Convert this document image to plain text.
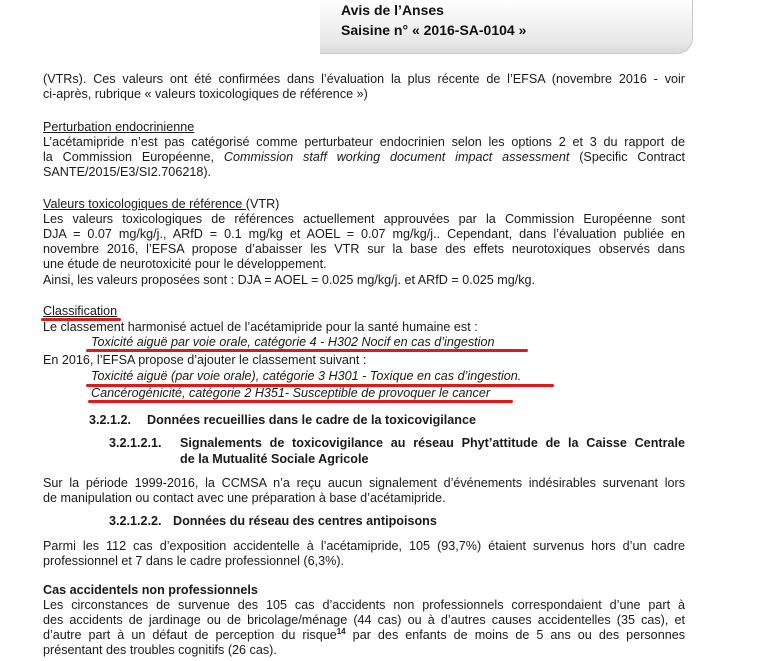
Avis de l’Anses
Saisine n° « 2016-SA-0104 »
(VTRs). Ces valeurs ont été confirmées dans l’évaluation la plus récente de l’EFSA (novembre 2016 - voir
ci-après, rubrique « valeurs toxicologiques de référence »)
Perturbation endocrinienne
L’acétamipride n’est pas catégorisé comme perturbateur endocrinien selon les options 2 et 3 du rapport de
la Commission Européenne, Commission staff working document impact assessment (Specific Contract
SANTE/2015/E3/SI2.706218).
Valeurs toxicologiques de référence (VTR)
Les valeurs toxicologiques de références actuellement approuvées par la Commission Européenne sont
DJA = 0.07 mg/kg/j., ARfD = 0.1 mg/kg et AOEL = 0.07 mg/kg/j.. Cependant, dans l’évaluation publiée en
novembre 2016, l’EFSA propose d’abaisser les VTR sur la base des effets neurotoxiques observés dans
une étude de neurotoxicité pour le développement.
Ainsi, les valeurs proposées sont : DJA = AOEL = 0.025 mg/kg/j. et ARfD = 0.025 mg/kg.
Classification
Le classement harmonisé actuel de l’acétamipride pour la santé humaine est :
Toxicité aiguë par voie orale, catégorie 4 - H302 Nocif en cas d’ingestion
En 2016, l’EFSA propose d’ajouter le classement suivant :
Toxicité aiguë (par voie orale), catégorie 3 H301 - Toxique en cas d’ingestion.
Cancérogénicité, catégorie 2 H351- Susceptible de provoquer le cancer
3.2.1.2. Données recueillies dans le cadre de la toxicovigilance
3.2.1.2.1. Signalements de toxicovigilance au réseau Phyt’attitude de la Caisse Centrale
de la Mutualité Sociale Agricole
Sur la période 1999-2016, la CCMSA n’a reçu aucun signalement d’événements indésirables survenant lors
de manipulation ou contact avec une préparation à base d’acétamipride.
3.2.1.2.2. Données du réseau des centres antipoisons
Parmi les 112 cas d’exposition accidentelle à l’acétamipride, 105 (93,7%) étaient survenus hors d’un cadre
professionnel et 7 dans le cadre professionnel (6,3%).
Cas accidentels non professionnels
Les circonstances de survenue des 105 cas d’accidents non professionnels correspondaient d’une part à
des accidents de jardinage ou de bricolage/ménage (44 cas) ou à d’autres causes accidentelles (35 cas), et
d’autre part à un défaut de perception du risque$^{14}$ par des enfants de moins de 5 ans ou des personnes
présentant des troubles cognitifs (26 cas).
